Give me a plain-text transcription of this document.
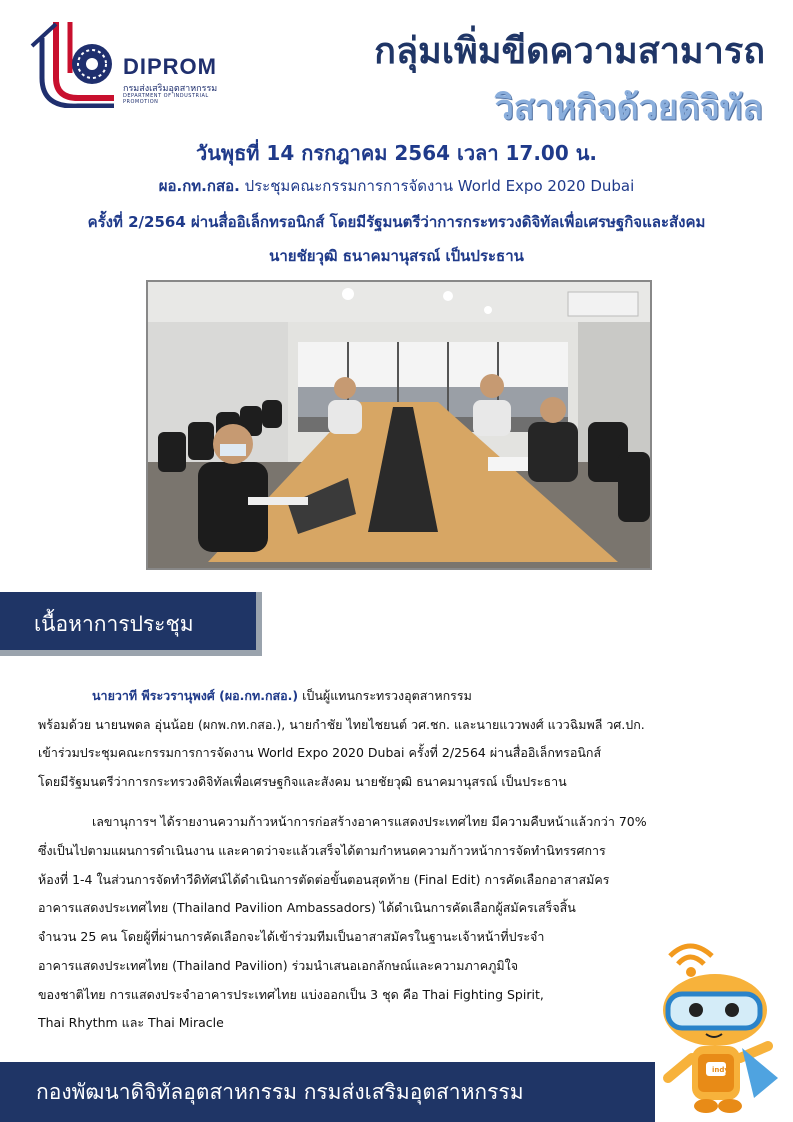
DIPROM
กรมส่งเสริมอุตสาหกรรม
DEPARTMENT OF INDUSTRIAL PROMOTION
กลุ่มเพิ่มขีดความสามารถ
วิสาหกิจด้วยดิจิทัล
วันพุธที่ 14 กรกฎาคม 2564 เวลา 17.00 น.
ผอ.กท.กสอ. ประชุมคณะกรรมการการจัดงาน World Expo 2020 Dubai
ครั้งที่ 2/2564 ผ่านสื่ออิเล็กทรอนิกส์ โดยมีรัฐมนตรีว่าการกระทรวงดิจิทัลเพื่อเศรษฐกิจและสังคม
นายชัยวุฒิ ธนาคมานุสรณ์ เป็นประธาน
เนื้อหาการประชุม
นายวาที พีระวรานุพงศ์ (ผอ.กท.กสอ.) เป็นผู้แทนกระทรวงอุตสาหกรรม
พร้อมด้วย นายนพดล อุ่นน้อย (ผกพ.กท.กสอ.), นายกำชัย ไทยไชยนต์ วศ.ชก. และนายแววพงศ์ แววฉิมพลี วศ.ปก.
เข้าร่วมประชุมคณะกรรมการการจัดงาน World Expo 2020 Dubai ครั้งที่ 2/2564 ผ่านสื่ออิเล็กทรอนิกส์
โดยมีรัฐมนตรีว่าการกระทรวงดิจิทัลเพื่อเศรษฐกิจและสังคม นายชัยวุฒิ ธนาคมานุสรณ์ เป็นประธาน
เลขานุการฯ ได้รายงานความก้าวหน้าการก่อสร้างอาคารแสดงประเทศไทย มีความคืบหน้าแล้วกว่า 70%
ซึ่งเป็นไปตามแผนการดำเนินงาน และคาดว่าจะแล้วเสร็จได้ตามกำหนดความก้าวหน้าการจัดทำนิทรรศการ
ห้องที่ 1-4 ในส่วนการจัดทำวีดิทัศน์ได้ดำเนินการตัดต่อขั้นตอนสุดท้าย (Final Edit) การคัดเลือกอาสาสมัคร
อาคารแสดงประเทศไทย (Thailand Pavilion Ambassadors) ได้ดำเนินการคัดเลือกผู้สมัครเสร็จสิ้น
จำนวน 25 คน โดยผู้ที่ผ่านการคัดเลือกจะได้เข้าร่วมทีมเป็นอาสาสมัครในฐานะเจ้าหน้าที่ประจำ
อาคารแสดงประเทศไทย (Thailand Pavilion) ร่วมนำเสนอเอกลักษณ์และความภาคภูมิใจ
ของชาติไทย การแสดงประจำอาคารประเทศไทย แบ่งออกเป็น 3 ชุด คือ Thai Fighting Spirit,
Thai Rhythm และ Thai Miracle
กองพัฒนาดิจิทัลอุตสาหกรรม กรมส่งเสริมอุตสาหกรรม
indy
